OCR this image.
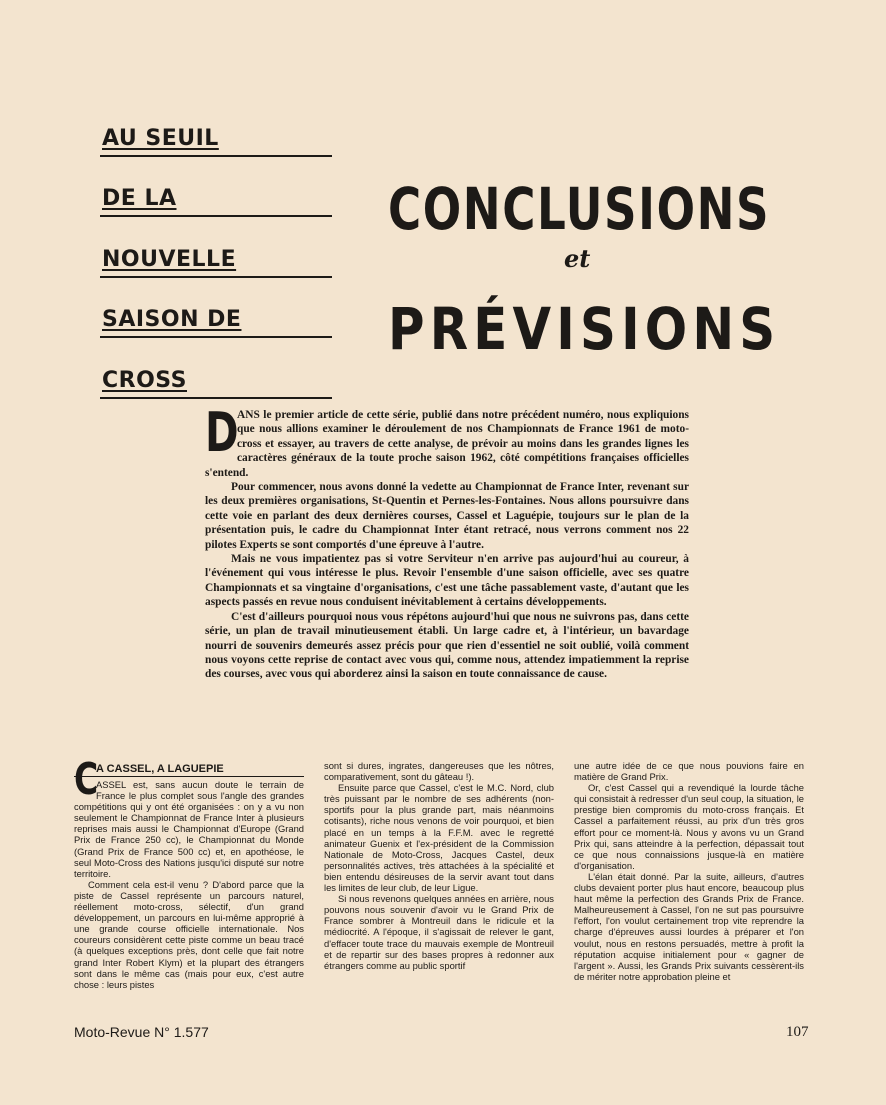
AU SEUIL
DE LA
NOUVELLE
SAISON DE
CROSS
CONCLUSIONS
et
PRÉVISIONS
D

ANS le premier article de cette série, publié dans notre précédent numéro, nous expliquions que nous allions examiner le déroulement de nos Championnats de France 1961 de moto-cross et essayer, au travers de cette analyse, de prévoir au moins dans les grandes lignes les caractères généraux de la toute proche saison 1962, côté compétitions françaises officielles s'entend.

Pour commencer, nous avons donné la vedette au Championnat de France Inter, revenant sur les deux premières organisations, St-Quentin et Pernes-les-Fontaines. Nous allons poursuivre dans cette voie en parlant des deux dernières courses, Cassel et Laguépie, toujours sur le plan de la présentation puis, le cadre du Championnat Inter étant retracé, nous verrons comment nos 22 pilotes Experts se sont comportés d'une épreuve à l'autre.

Mais ne vous impatientez pas si votre Serviteur n'en arrive pas aujourd'hui au coureur, à l'événement qui vous intéresse le plus. Revoir l'ensemble d'une saison officielle, avec ses quatre Championnats et sa vingtaine d'organisations, c'est une tâche passablement vaste, d'autant que les aspects passés en revue nous conduisent inévitablement à certains développements.

C'est d'ailleurs pourquoi nous vous répétons aujourd'hui que nous ne suivrons pas, dans cette série, un plan de travail minutieusement établi. Un large cadre et, à l'intérieur, un bavardage nourri de souvenirs demeurés assez précis pour que rien d'essentiel ne soit oublié, voilà comment nous voyons cette reprise de contact avec vous qui, comme nous, attendez impatiemment la reprise des courses, avec vous qui aborderez ainsi la saison en toute connaissance de cause.

C
A CASSEL, A LAGUEPIE

ASSEL est, sans aucun doute le terrain de France le plus complet sous l'angle des grandes compétitions qui y ont été organisées : on y a vu non seulement le Championnat de France Inter à plusieurs reprises mais aussi le Championnat d'Europe (Grand Prix de France 250 cc), le Championnat du Monde (Grand Prix de France 500 cc) et, en apothéose, le seul Moto-Cross des Nations jusqu'ici disputé sur notre territoire.

Comment cela est-il venu ? D'abord parce que la piste de Cassel représente un parcours naturel, réellement moto-cross, sélectif, d'un grand développement, un parcours en lui-même approprié à une grande course officielle internationale. Nos coureurs considèrent cette piste comme un beau tracé (à quelques exceptions près, dont celle que fait notre grand Inter Robert Klym) et la plupart des étrangers sont dans le même cas (mais pour eux, c'est autre chose : leurs pistes

sont si dures, ingrates, dangereuses que les nôtres, comparativement, sont du gâteau !).

Ensuite parce que Cassel, c'est le M.C. Nord, club très puissant par le nombre de ses adhérents (non-sportifs pour la plus grande part, mais néanmoins cotisants), riche nous venons de voir pourquoi, et bien placé en un temps à la F.F.M. avec le regretté animateur Guenix et l'ex-président de la Commission Nationale de Moto-Cross, Jacques Castel, deux personnalités actives, très attachées à la spécialité et bien entendu désireuses de la servir avant tout dans les limites de leur club, de leur Ligue.

Si nous revenons quelques années en arrière, nous pouvons nous souvenir d'avoir vu le Grand Prix de France sombrer à Montreuil dans le ridicule et la médiocrité. A l'époque, il s'agissait de relever le gant, d'effacer toute trace du mauvais exemple de Montreuil et de repartir sur des bases propres à redonner aux étrangers comme au public sportif

une autre idée de ce que nous pouvions faire en matière de Grand Prix.

Or, c'est Cassel qui a revendiqué la lourde tâche qui consistait à redresser d'un seul coup, la situation, le prestige bien compromis du moto-cross français. Et Cassel a parfaitement réussi, au prix d'un très gros effort pour ce moment-là. Nous y avons vu un Grand Prix qui, sans atteindre à la perfection, dépassait tout ce que nous connaissions jusque-là en matière d'organisation.

L'élan était donné. Par la suite, ailleurs, d'autres clubs devaient porter plus haut encore, beaucoup plus haut même la perfection des Grands Prix de France. Malheureusement à Cassel, l'on ne sut pas poursuivre l'effort, l'on voulut certainement trop vite reprendre la charge d'épreuves aussi lourdes à préparer et l'on voulut, nous en restons persuadés, mettre à profit la réputation acquise initialement pour « gagner de l'argent ». Aussi, les Grands Prix suivants cessèrent-ils de mériter notre approbation pleine et

Moto-Revue N° 1.577	107
